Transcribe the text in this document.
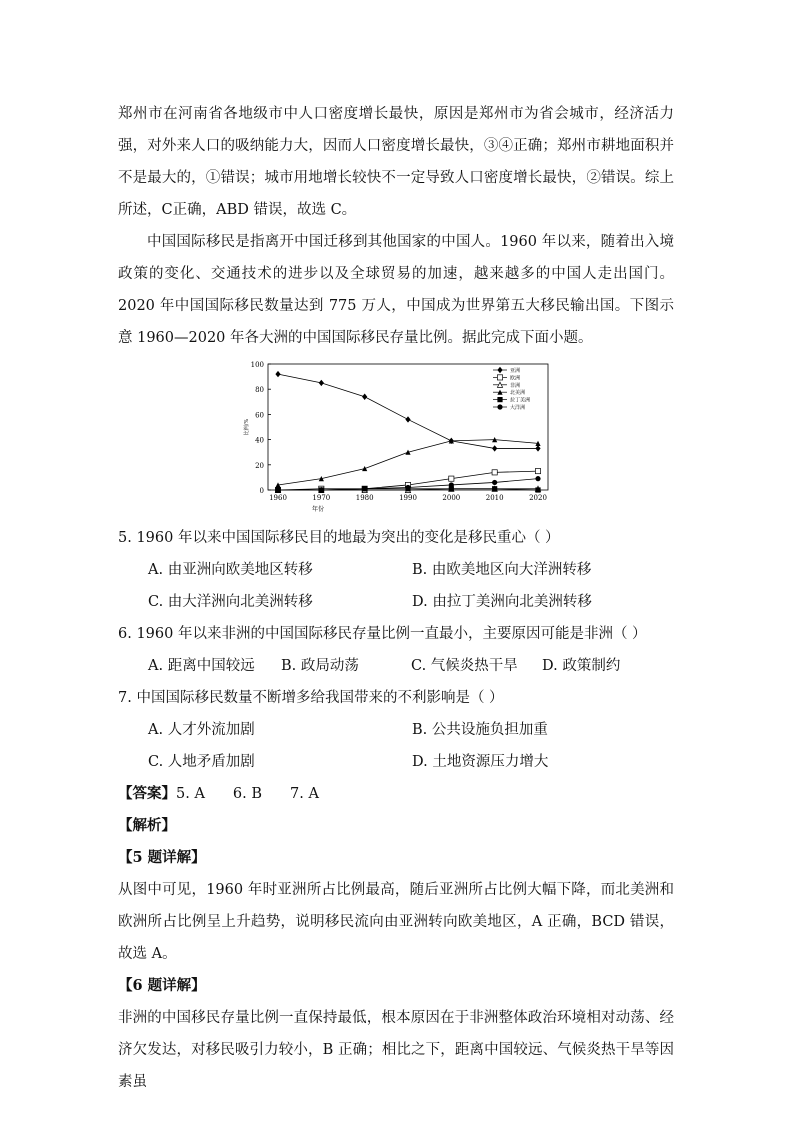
郑州市在河南省各地级市中人口密度增长最快，原因是郑州市为省会城市，经济活力强，对外来人口的吸纳能力大，因而人口密度增长最快，③④正确；郑州市耕地面积并不是最大的，①错误；城市用地增长较快不一定导致人口密度增长最快，②错误。综上所述，C正确，ABD 错误，故选 C。

中国国际移民是指离开中国迁移到其他国家的中国人。1960 年以来，随着出入境政策的变化、交通技术的进步以及全球贸易的加速，越来越多的中国人走出国门。2020 年中国国际移民数量达到 775 万人，中国成为世界第五大移民输出国。下图示意 1960—2020 年各大洲的中国国际移民存量比例。据此完成下面小题。

0
20
40
60
80
100
1960	1970	1980	1990	2000	2010	2020
年份
比例/%
亚洲
欧洲
非洲
北美洲
拉丁美洲
大洋洲

5. 1960 年以来中国国际移民目的地最为突出的变化是移民重心（ ）

A. 由亚洲向欧美地区转移	B. 由欧美地区向大洋洲转移
C. 由大洋洲向北美洲转移	D. 由拉丁美洲向北美洲转移

6. 1960 年以来非洲的中国国际移民存量比例一直最小，主要原因可能是非洲（ ）

A. 距离中国较远	B. 政局动荡	C. 气候炎热干旱	D. 政策制约

7. 中国国际移民数量不断增多给我国带来的不利影响是（ ）

A. 人才外流加剧	B. 公共设施负担加重
C. 人地矛盾加剧	D. 土地资源压力增大
【答案】5. A 6. B 7. A

【解析】

【5 题详解】

从图中可见，1960 年时亚洲所占比例最高，随后亚洲所占比例大幅下降，而北美洲和欧洲所占比例呈上升趋势，说明移民流向由亚洲转向欧美地区，A 正确，BCD 错误，故选 A。

【6 题详解】

非洲的中国移民存量比例一直保持最低，根本原因在于非洲整体政治环境相对动荡、经济欠发达，对移民吸引力较小，B 正确；相比之下，距离中国较远、气候炎热干旱等因素虽
